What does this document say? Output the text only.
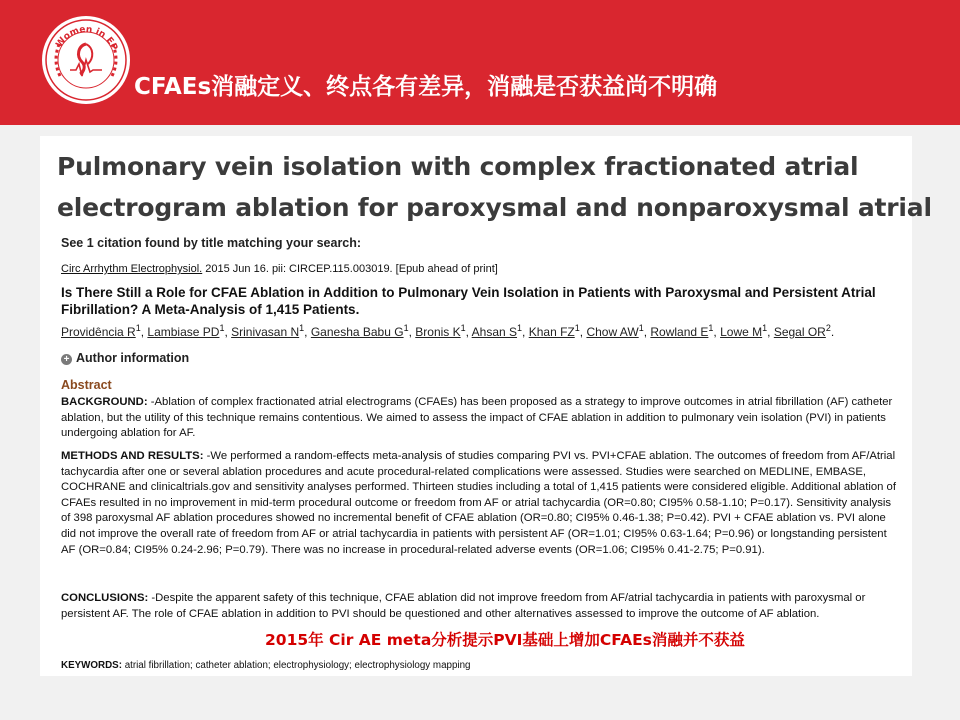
Women in EP
CFAEs消融定义、终点各有差异，消融是否获益尚不明确
Pulmonary vein isolation with complex fractionated atrial
electrogram ablation for paroxysmal and nonparoxysmal atrial
See 1 citation found by title matching your search:
Circ Arrhythm Electrophysiol. 2015 Jun 16. pii: CIRCEP.115.003019. [Epub ahead of print]
Is There Still a Role for CFAE Ablation in Addition to Pulmonary Vein Isolation in Patients with Paroxysmal and Persistent Atrial Fibrillation? A Meta-Analysis of 1,415 Patients.
Providência $R^1$, Lambiase $PD^1$, Srinivasan $N^1$, Ganesha Babu $G^1$, Bronis $K^1$, Ahsan $S^1$, Khan $FZ^1$, Chow $AW^1$, Rowland $E^1$, Lowe $M^1$, Segal $OR^2$.
+ Author information
Abstract
BACKGROUND: -Ablation of complex fractionated atrial electrograms (CFAEs) has been proposed as a strategy to improve outcomes in atrial fibrillation (AF) catheter ablation, but the utility of this technique remains contentious. We aimed to assess the impact of CFAE ablation in addition to pulmonary vein isolation (PVI) in patients undergoing ablation for AF.
METHODS AND RESULTS: -We performed a random-effects meta-analysis of studies comparing PVI vs. PVI+CFAE ablation. The outcomes of freedom from AF/Atrial tachycardia after one or several ablation procedures and acute procedural-related complications were assessed. Studies were searched on MEDLINE, EMBASE, COCHRANE and clinicaltrials.gov and sensitivity analyses performed. Thirteen studies including a total of 1,415 patients were considered eligible. Additional ablation of CFAEs resulted in no improvement in mid-term procedural outcome or freedom from AF or atrial tachycardia (OR=0.80; CI95% 0.58-1.10; P=0.17). Sensitivity analysis of 398 paroxysmal AF ablation procedures showed no incremental benefit of CFAE ablation (OR=0.80; CI95% 0.46-1.38; P=0.42). PVI + CFAE ablation vs. PVI alone did not improve the overall rate of freedom from AF or atrial tachycardia in patients with persistent AF (OR=1.01; CI95% 0.63-1.64; P=0.96) or longstanding persistent AF (OR=0.84; CI95% 0.24-2.96; P=0.79). There was no increase in procedural-related adverse events (OR=1.06; CI95% 0.41-2.75; P=0.91).
CONCLUSIONS: -Despite the apparent safety of this technique, CFAE ablation did not improve freedom from AF/atrial tachycardia in patients with paroxysmal or persistent AF. The role of CFAE ablation in addition to PVI should be questioned and other alternatives assessed to improve the outcome of AF ablation.
2015年 Cir AE meta分析提示PVI基础上增加CFAEs消融并不获益
KEYWORDS: atrial fibrillation; catheter ablation; electrophysiology; electrophysiology mapping
